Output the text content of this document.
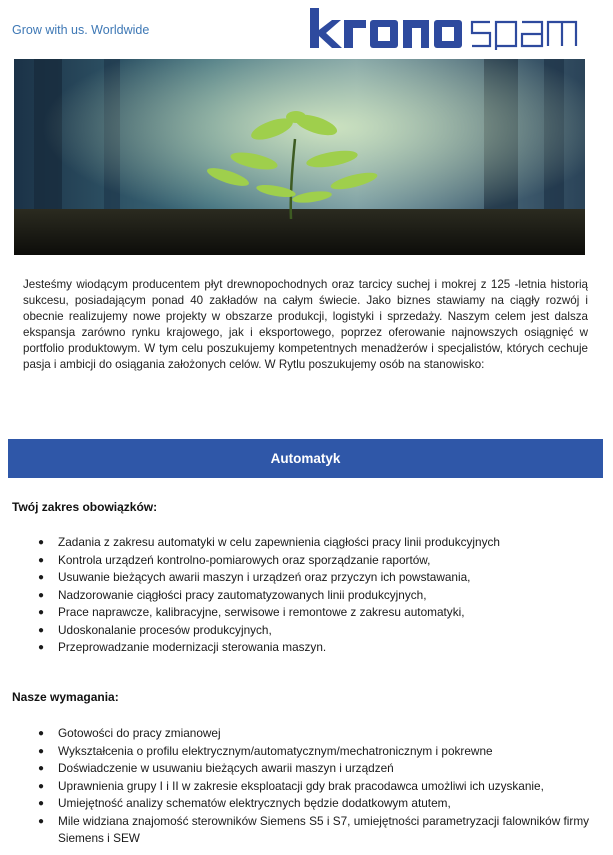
Grow with us. Worldwide
Jesteśmy wiodącym producentem płyt drewnopochodnych oraz tarcicy suchej i mokrej z 125 -letnia historią sukcesu, posiadającym ponad 40 zakładów na całym świecie. Jako biznes stawiamy na ciągły rozwój i obecnie realizujemy nowe projekty w obszarze produkcji, logistyki i sprzedaży. Naszym celem jest dalsza ekspansja zarówno rynku krajowego, jak i eksportowego, poprzez oferowanie najnowszych osiągnięć w portfolio produktowym. W tym celu poszukujemy kompetentnych menadżerów i specjalistów, których cechuje pasja i ambicji do osiągania założonych celów. W Rytlu poszukujemy osób na stanowisko:
Automatyk
Twój zakres obowiązków:
● Zadania z zakresu automatyki w celu zapewnienia ciągłości pracy linii produkcyjnych
● Kontrola urządzeń kontrolno-pomiarowych oraz sporządzanie raportów,
● Usuwanie bieżących awarii maszyn i urządzeń oraz przyczyn ich powstawania,
● Nadzorowanie ciągłości pracy zautomatyzowanych linii produkcyjnych,
● Prace naprawcze, kalibracyjne, serwisowe i remontowe z zakresu automatyki,
● Udoskonalanie procesów produkcyjnych,
● Przeprowadzanie modernizacji sterowania maszyn.
Nasze wymagania:
● Gotowości do pracy zmianowej
● Wykształcenia o profilu elektrycznym/automatycznym/mechatronicznym i pokrewne
● Doświadczenie w usuwaniu bieżących awarii maszyn i urządzeń
● Uprawnienia grupy I i II w zakresie eksploatacji gdy brak pracodawca umożliwi ich uzyskanie,
● Umiejętność analizy schematów elektrycznych będzie dodatkowym atutem,
● Mile widziana znajomość sterowników Siemens S5 i S7, umiejętności parametryzacji falowników firmy Siemens i SEW
